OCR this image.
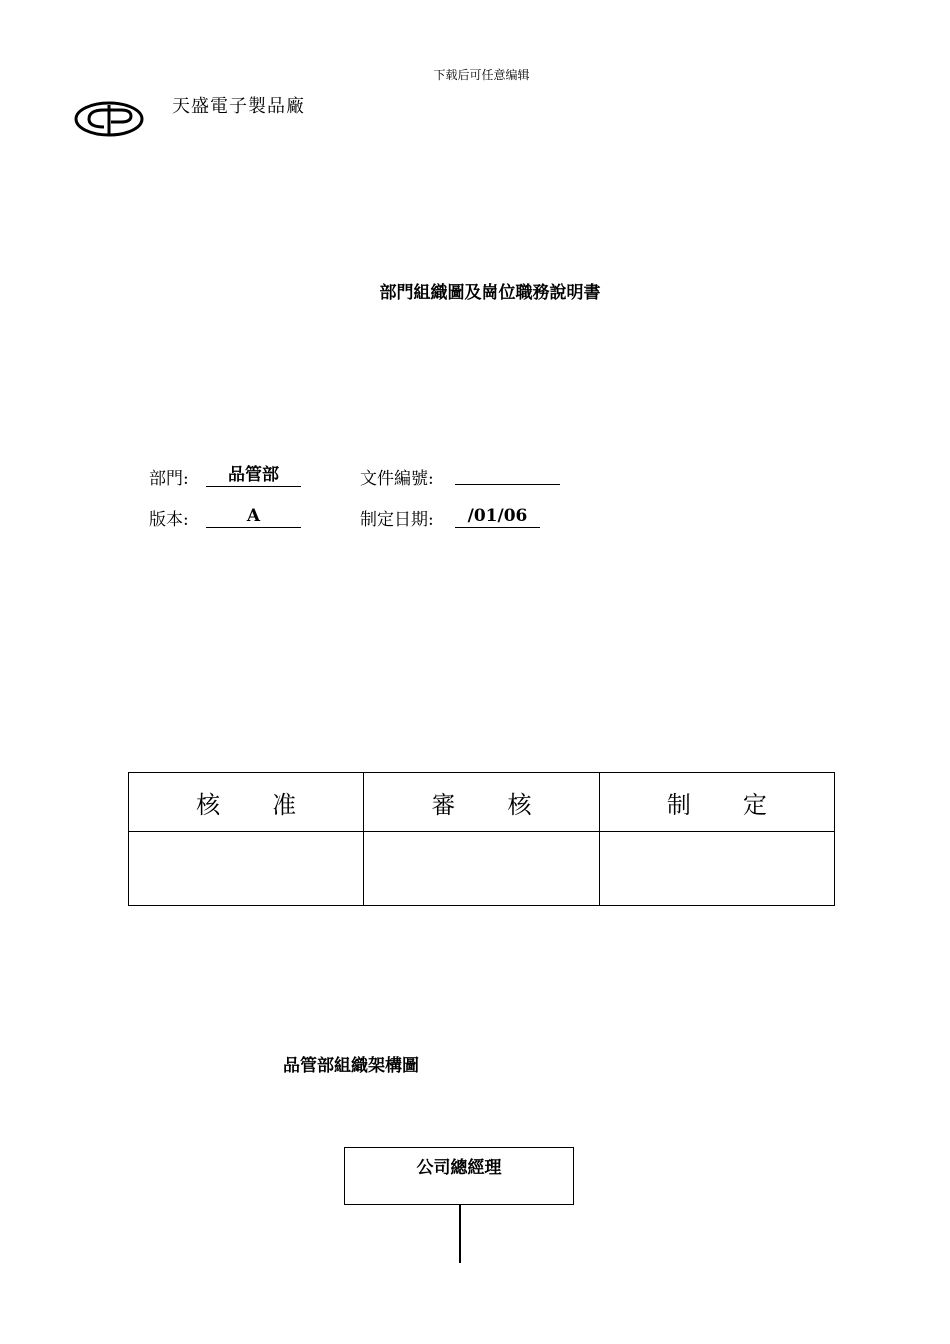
下载后可任意编辑
天盛電子製品廠
部門組織圖及崗位職務說明書
部門:	品管部	文件編號:
版本:	A	制定日期:	/01/06
核 准	審 核	制 定

品管部組織架構圖
公司總經理
